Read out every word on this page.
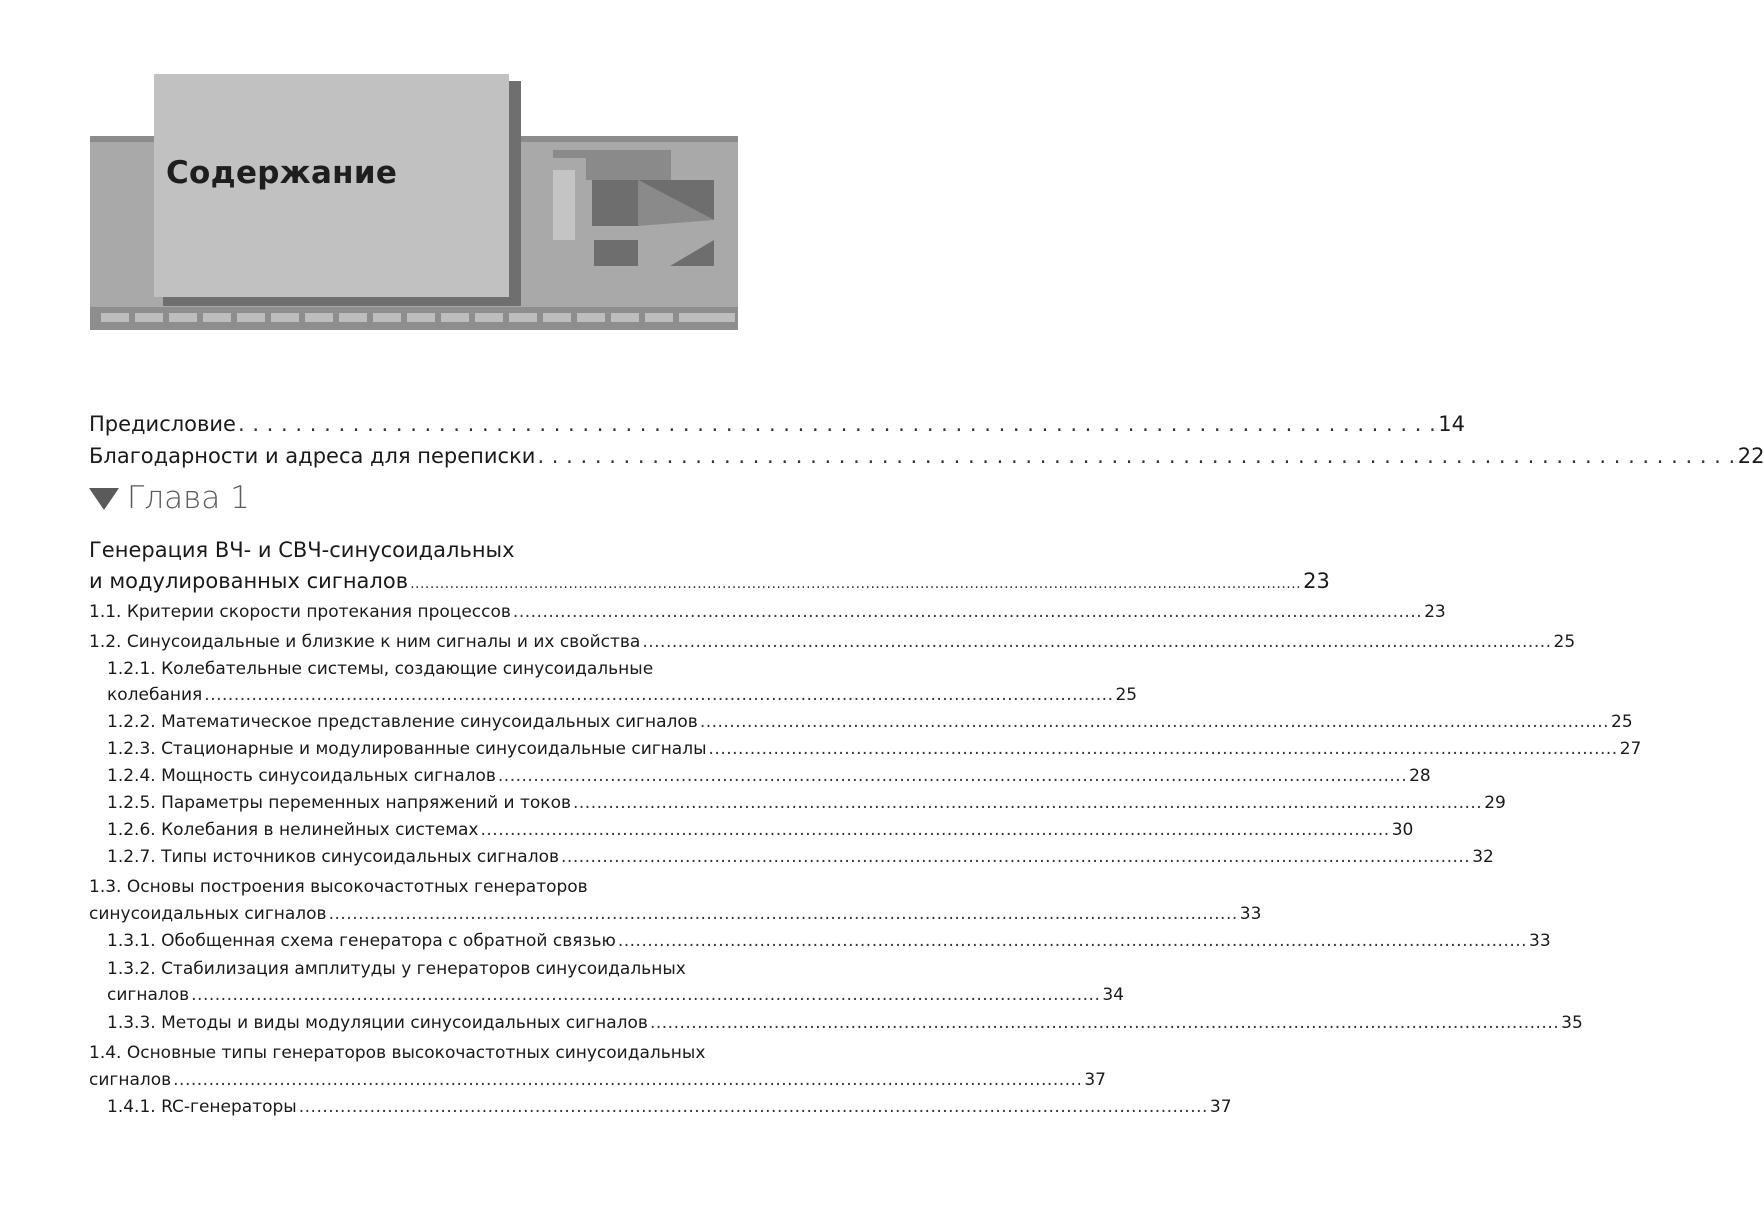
Содержание
Предисловие . . . . . . . . . . . . . . . . . . . . . . . . . . . . . . . . . . . . . . . . . . . . . . . . . . . . . . . . . . . . . . . . . . . . . . . . . . . . . . . . . . . . 14
Благодарности и адреса для переписки . . . . . . . . . . . . . . . . . . . . . . . . . . . . . . . . . . . . . . . . . . . . . . . . . . . . . . . . . . . . . . . . . . . . . . . . . . . . . . . . . . . . 22
Глава 1
Генерация ВЧ- и СВЧ-синусоидальных
и модулированных сигналов .................................................................................................................................................................................... 23
1.1. Критерии скорости протекания процессов .......................................................................................................................................................... 23
1.2. Синусоидальные и близкие к ним сигналы и их свойства .......................................................................................................................................................... 25
1.2.1. Колебательные системы, создающие синусоидальные
колебания .......................................................................................................................................................... 25
1.2.2. Математическое представление синусоидальных сигналов .......................................................................................................................................................... 25
1.2.3. Стационарные и модулированные синусоидальные сигналы .......................................................................................................................................................... 27
1.2.4. Мощность синусоидальных сигналов .......................................................................................................................................................... 28
1.2.5. Параметры переменных напряжений и токов .......................................................................................................................................................... 29
1.2.6. Колебания в нелинейных системах .......................................................................................................................................................... 30
1.2.7. Типы источников синусоидальных сигналов .......................................................................................................................................................... 32
1.3. Основы построения высокочастотных генераторов
синусоидальных сигналов .......................................................................................................................................................... 33
1.3.1. Обобщенная схема генератора с обратной связью .......................................................................................................................................................... 33
1.3.2. Стабилизация амплитуды у генераторов синусоидальных
сигналов .......................................................................................................................................................... 34
1.3.3. Методы и виды модуляции синусоидальных сигналов .......................................................................................................................................................... 35
1.4. Основные типы генераторов высокочастотных синусоидальных
сигналов .......................................................................................................................................................... 37
1.4.1. RC-генераторы .......................................................................................................................................................... 37
